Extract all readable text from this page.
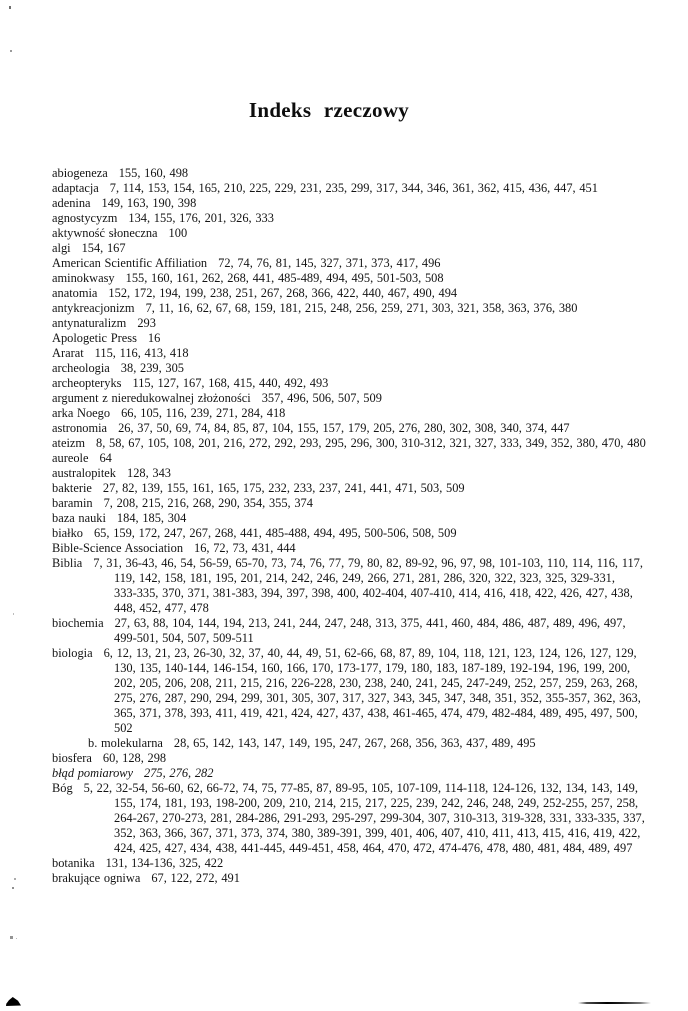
Indeks rzeczowy

abiogeneza 155, 160, 498

adaptacja 7, 114, 153, 154, 165, 210, 225, 229, 231, 235, 299, 317, 344, 346, 361, 362, 415, 436, 447, 451

adenina 149, 163, 190, 398

agnostycyzm 134, 155, 176, 201, 326, 333

aktywność słoneczna 100

algi 154, 167

American Scientific Affiliation 72, 74, 76, 81, 145, 327, 371, 373, 417, 496

aminokwasy 155, 160, 161, 262, 268, 441, 485-489, 494, 495, 501-503, 508

anatomia 152, 172, 194, 199, 238, 251, 267, 268, 366, 422, 440, 467, 490, 494

antykreacjonizm 7, 11, 16, 62, 67, 68, 159, 181, 215, 248, 256, 259, 271, 303, 321, 358, 363, 376, 380

antynaturalizm 293

Apologetic Press 16

Ararat 115, 116, 413, 418

archeologia 38, 239, 305

archeopteryks 115, 127, 167, 168, 415, 440, 492, 493

argument z nieredukowalnej złożoności 357, 496, 506, 507, 509

arka Noego 66, 105, 116, 239, 271, 284, 418

astronomia 26, 37, 50, 69, 74, 84, 85, 87, 104, 155, 157, 179, 205, 276, 280, 302, 308, 340, 374, 447

ateizm 8, 58, 67, 105, 108, 201, 216, 272, 292, 293, 295, 296, 300, 310-312, 321, 327, 333, 349, 352, 380, 470, 480

aureole 64

australopitek 128, 343

bakterie 27, 82, 139, 155, 161, 165, 175, 232, 233, 237, 241, 441, 471, 503, 509

baramin 7, 208, 215, 216, 268, 290, 354, 355, 374

baza nauki 184, 185, 304

białko 65, 159, 172, 247, 267, 268, 441, 485-488, 494, 495, 500-506, 508, 509

Bible-Science Association 16, 72, 73, 431, 444

Biblia 7, 31, 36-43, 46, 54, 56-59, 65-70, 73, 74, 76, 77, 79, 80, 82, 89-92, 96, 97, 98, 101-103, 110, 114, 116, 117, 119, 142, 158, 181, 195, 201, 214, 242, 246, 249, 266, 271, 281, 286, 320, 322, 323, 325, 329-331, 333-335, 370, 371, 381-383, 394, 397, 398, 400, 402-404, 407-410, 414, 416, 418, 422, 426, 427, 438, 448, 452, 477, 478

biochemia 27, 63, 88, 104, 144, 194, 213, 241, 244, 247, 248, 313, 375, 441, 460, 484, 486, 487, 489, 496, 497, 499-501, 504, 507, 509-511

biologia 6, 12, 13, 21, 23, 26-30, 32, 37, 40, 44, 49, 51, 62-66, 68, 87, 89, 104, 118, 121, 123, 124, 126, 127, 129, 130, 135, 140-144, 146-154, 160, 166, 170, 173-177, 179, 180, 183, 187-189, 192-194, 196, 199, 200, 202, 205, 206, 208, 211, 215, 216, 226-228, 230, 238, 240, 241, 245, 247-249, 252, 257, 259, 263, 268, 275, 276, 287, 290, 294, 299, 301, 305, 307, 317, 327, 343, 345, 347, 348, 351, 352, 355-357, 362, 363, 365, 371, 378, 393, 411, 419, 421, 424, 427, 437, 438, 461-465, 474, 479, 482-484, 489, 495, 497, 500, 502

b. molekularna 28, 65, 142, 143, 147, 149, 195, 247, 267, 268, 356, 363, 437, 489, 495

biosfera 60, 128, 298

błąd pomiarowy 275, 276, 282

Bóg 5, 22, 32-54, 56-60, 62, 66-72, 74, 75, 77-85, 87, 89-95, 105, 107-109, 114-118, 124-126, 132, 134, 143, 149, 155, 174, 181, 193, 198-200, 209, 210, 214, 215, 217, 225, 239, 242, 246, 248, 249, 252-255, 257, 258, 264-267, 270-273, 281, 284-286, 291-293, 295-297, 299-304, 307, 310-313, 319-328, 331, 333-335, 337, 352, 363, 366, 367, 371, 373, 374, 380, 389-391, 399, 401, 406, 407, 410, 411, 413, 415, 416, 419, 422, 424, 425, 427, 434, 438, 441-445, 449-451, 458, 464, 470, 472, 474-476, 478, 480, 481, 484, 489, 497

botanika 131, 134-136, 325, 422

brakujące ogniwa 67, 122, 272, 491
